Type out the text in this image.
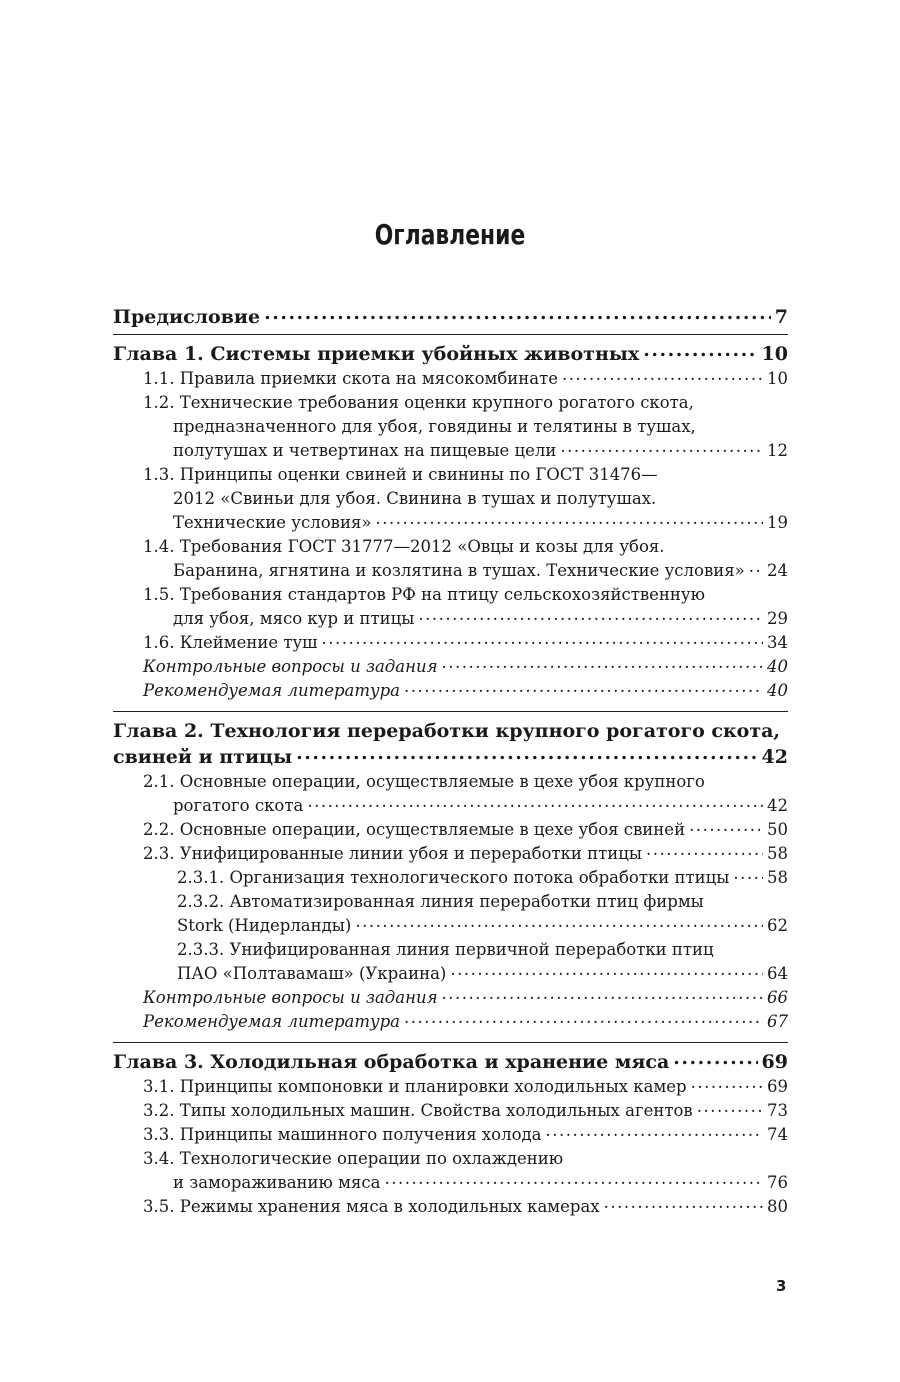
Оглавление
Предисловие .....	7
Глава 1. Системы приемки убойных животных .....	10
1.1. Правила приемки скота на мясокомбинате .....	10
1.2. Технические требования оценки крупного рогатого скота,
предназначенного для убоя, говядины и телятины в тушах,
полутушах и четвертинах на пищевые цели .....	12
1.3. Принципы оценки свиней и свинины по ГОСТ 31476—
2012 «Свиньи для убоя. Свинина в тушах и полутушах.
Технические условия» .....	19
1.4. Требования ГОСТ 31777—2012 «Овцы и козы для убоя.
Баранина, ягнятина и козлятина в тушах. Технические условия» ..... 24
1.5. Требования стандартов РФ на птицу сельскохозяйственную
для убоя, мясо кур и птицы .....	29
1.6. Клеймение туш .....	34
Контрольные вопросы и задания .....	40
Рекомендуемая литература .....	40
Глава 2. Технология переработки крупного рогатого скота,
свиней и птицы .....	42
2.1. Основные операции, осуществляемые в цехе убоя крупного
рогатого скота .....	42
2.2. Основные операции, осуществляемые в цехе убоя свиней .....	50
2.3. Унифицированные линии убоя и переработки птицы .....	58
2.3.1. Организация технологического потока обработки птицы ..... 58
2.3.2. Автоматизированная линия переработки птиц фирмы
Stork (Нидерланды) .....	62
2.3.3. Унифицированная линия первичной переработки птиц
ПАО «Полтавамаш» (Украина) .....	64
Контрольные вопросы и задания .....	66
Рекомендуемая литература .....	67
Глава 3. Холодильная обработка и хранение мяса .....	69
3.1. Принципы компоновки и планировки холодильных камер .....	69
3.2. Типы холодильных машин. Свойства холодильных агентов .....	73
3.3. Принципы машинного получения холода .....	74
3.4. Технологические операции по охлаждению
и замораживанию мяса .....	76
3.5. Режимы хранения мяса в холодильных камерах .....	80
3
